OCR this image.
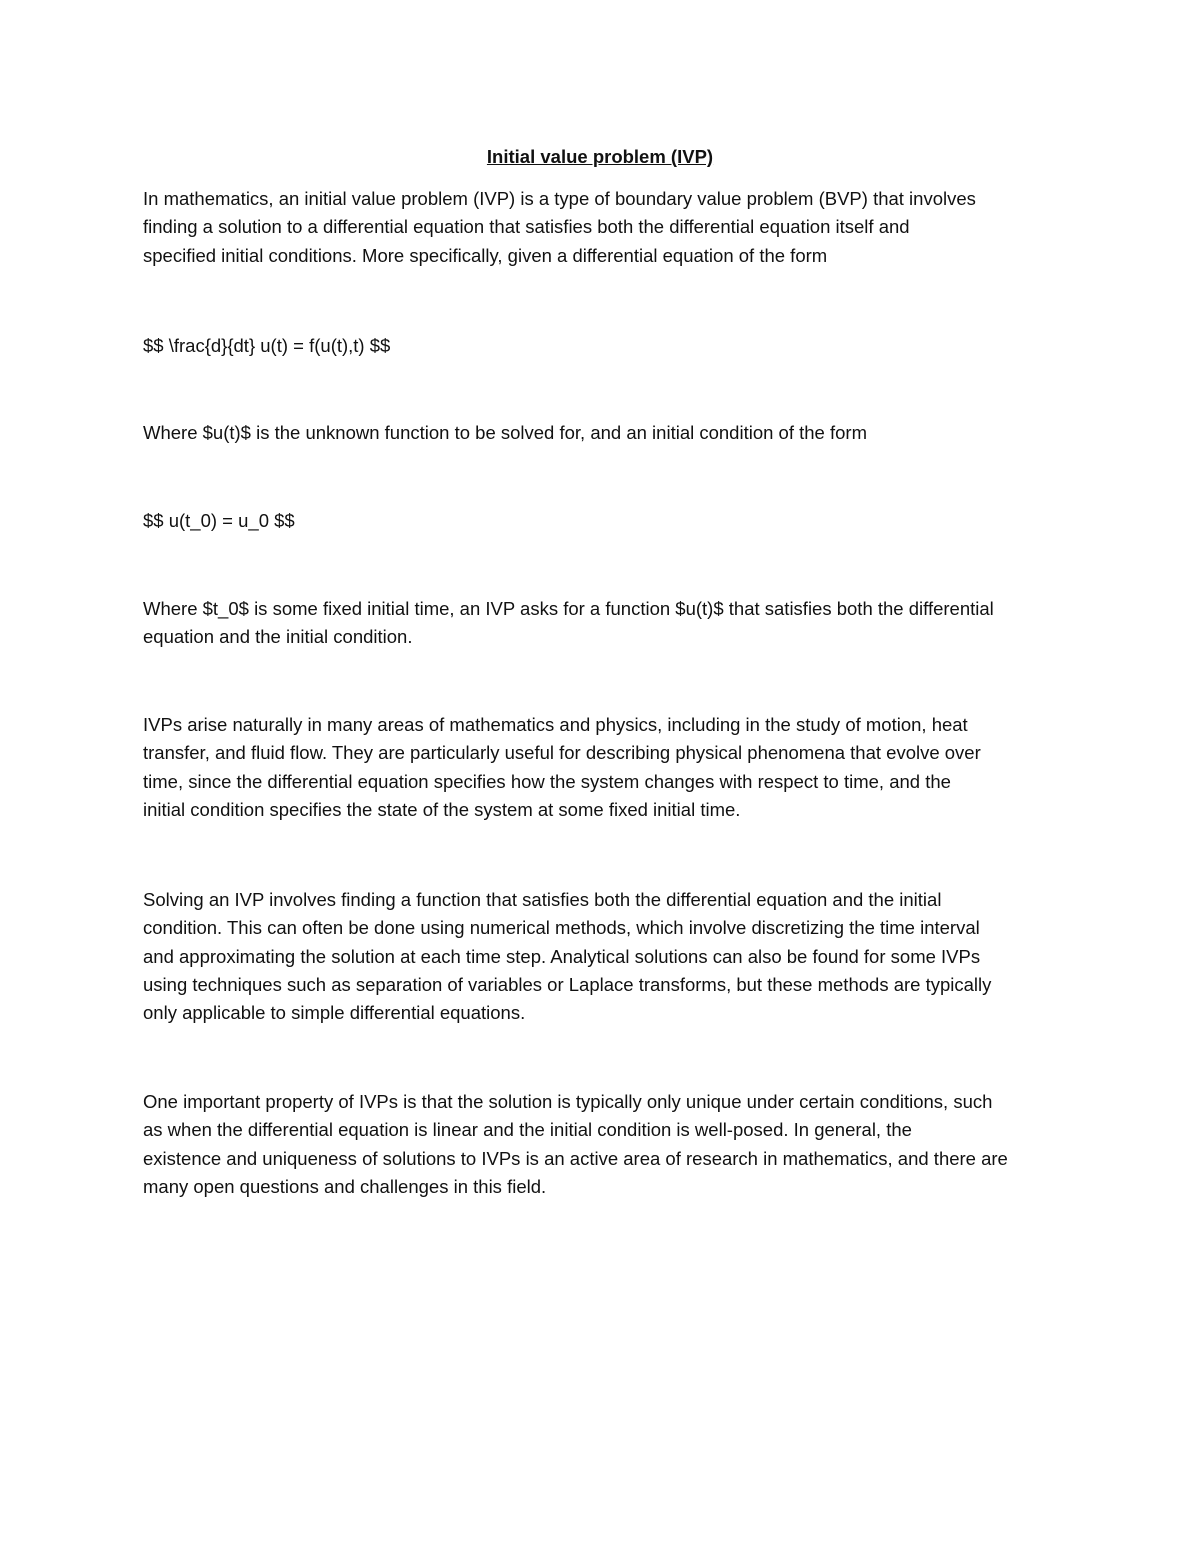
Initial value problem (IVP)

In mathematics, an initial value problem (IVP) is a type of boundary value problem (BVP) that involves
finding a solution to a differential equation that satisfies both the differential equation itself and
specified initial conditions. More specifically, given a differential equation of the form

$$ \frac{d}{dt} u(t) = f(u(t),t) $$

Where $u(t)$ is the unknown function to be solved for, and an initial condition of the form

$$ u(t_0) = u_0 $$

Where $t_0$ is some fixed initial time, an IVP asks for a function $u(t)$ that satisfies both the differential
equation and the initial condition.

IVPs arise naturally in many areas of mathematics and physics, including in the study of motion, heat
transfer, and fluid flow. They are particularly useful for describing physical phenomena that evolve over
time, since the differential equation specifies how the system changes with respect to time, and the
initial condition specifies the state of the system at some fixed initial time.

Solving an IVP involves finding a function that satisfies both the differential equation and the initial
condition. This can often be done using numerical methods, which involve discretizing the time interval
and approximating the solution at each time step. Analytical solutions can also be found for some IVPs
using techniques such as separation of variables or Laplace transforms, but these methods are typically
only applicable to simple differential equations.

One important property of IVPs is that the solution is typically only unique under certain conditions, such
as when the differential equation is linear and the initial condition is well-posed. In general, the
existence and uniqueness of solutions to IVPs is an active area of research in mathematics, and there are
many open questions and challenges in this field.
